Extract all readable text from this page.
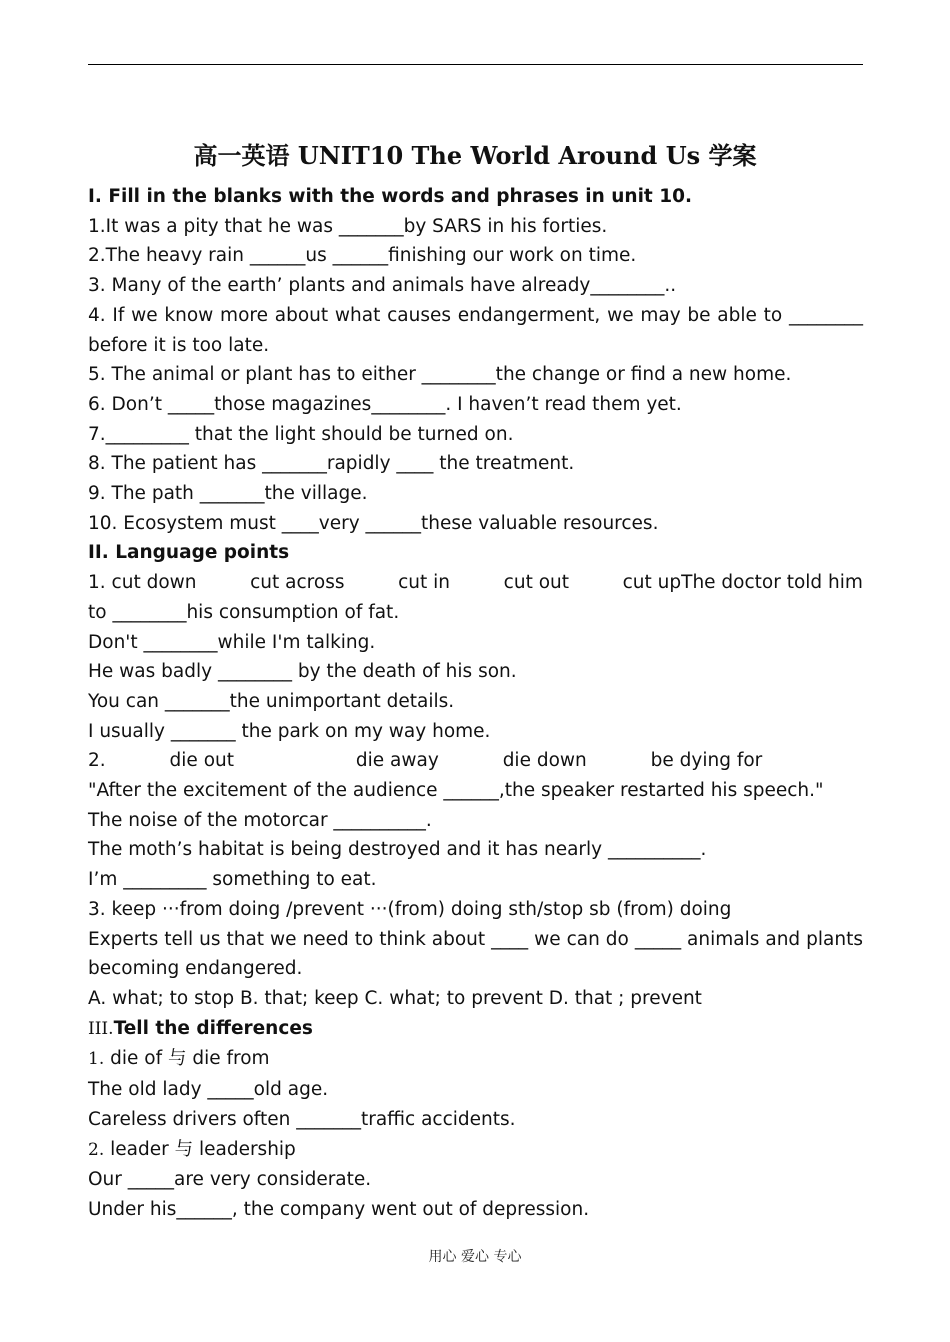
高一英语 UNIT10 The World Around Us 学案
I. Fill in the blanks with the words and phrases in unit 10.
1.It was a pity that he was _______by SARS in his forties.
2.The heavy rain ______us ______finishing our work on time.
3. Many of the earth’ plants and animals have already________..
4. If we know more about what causes endangerment, we may be able to ________ before it is too late.
5. The animal or plant has to either ________the change or find a new home.
6. Don’t _____those magazines________. I haven’t read them yet.
7._________ that the light should be turned on.
8. The patient has _______rapidly ____ the treatment.
9. The path _______the village.
10. Ecosystem must ____very ______these valuable resources.
II. Language points
1. cut down	cut across	cut in	cut out	cut upThe doctor told him
to ________his consumption of fat.
Don't ________while I'm talking.
He was badly ________ by the death of his son.
You can _______the unimportant details.
I usually _______ the park on my way home.
2.	die out	die away	die down	be dying for
"After the excitement of the audience ______,the speaker restarted his speech."
The noise of the motorcar __________.
The moth’s habitat is being destroyed and it has nearly __________.
I’m _________ something to eat.
3. keep ···from doing /prevent ···(from) doing sth/stop sb (from) doing
Experts tell us that we need to think about ____ we can do _____ animals and plants becoming endangered.
A. what; to stop B. that; keep C. what; to prevent D. that ; prevent
III.Tell the differences
1. die of 与 die from
The old lady _____old age.
Careless drivers often _______traffic accidents.
2. leader 与 leadership
Our _____are very considerate.
Under his______, the company went out of depression.
用心 爱心 专心
